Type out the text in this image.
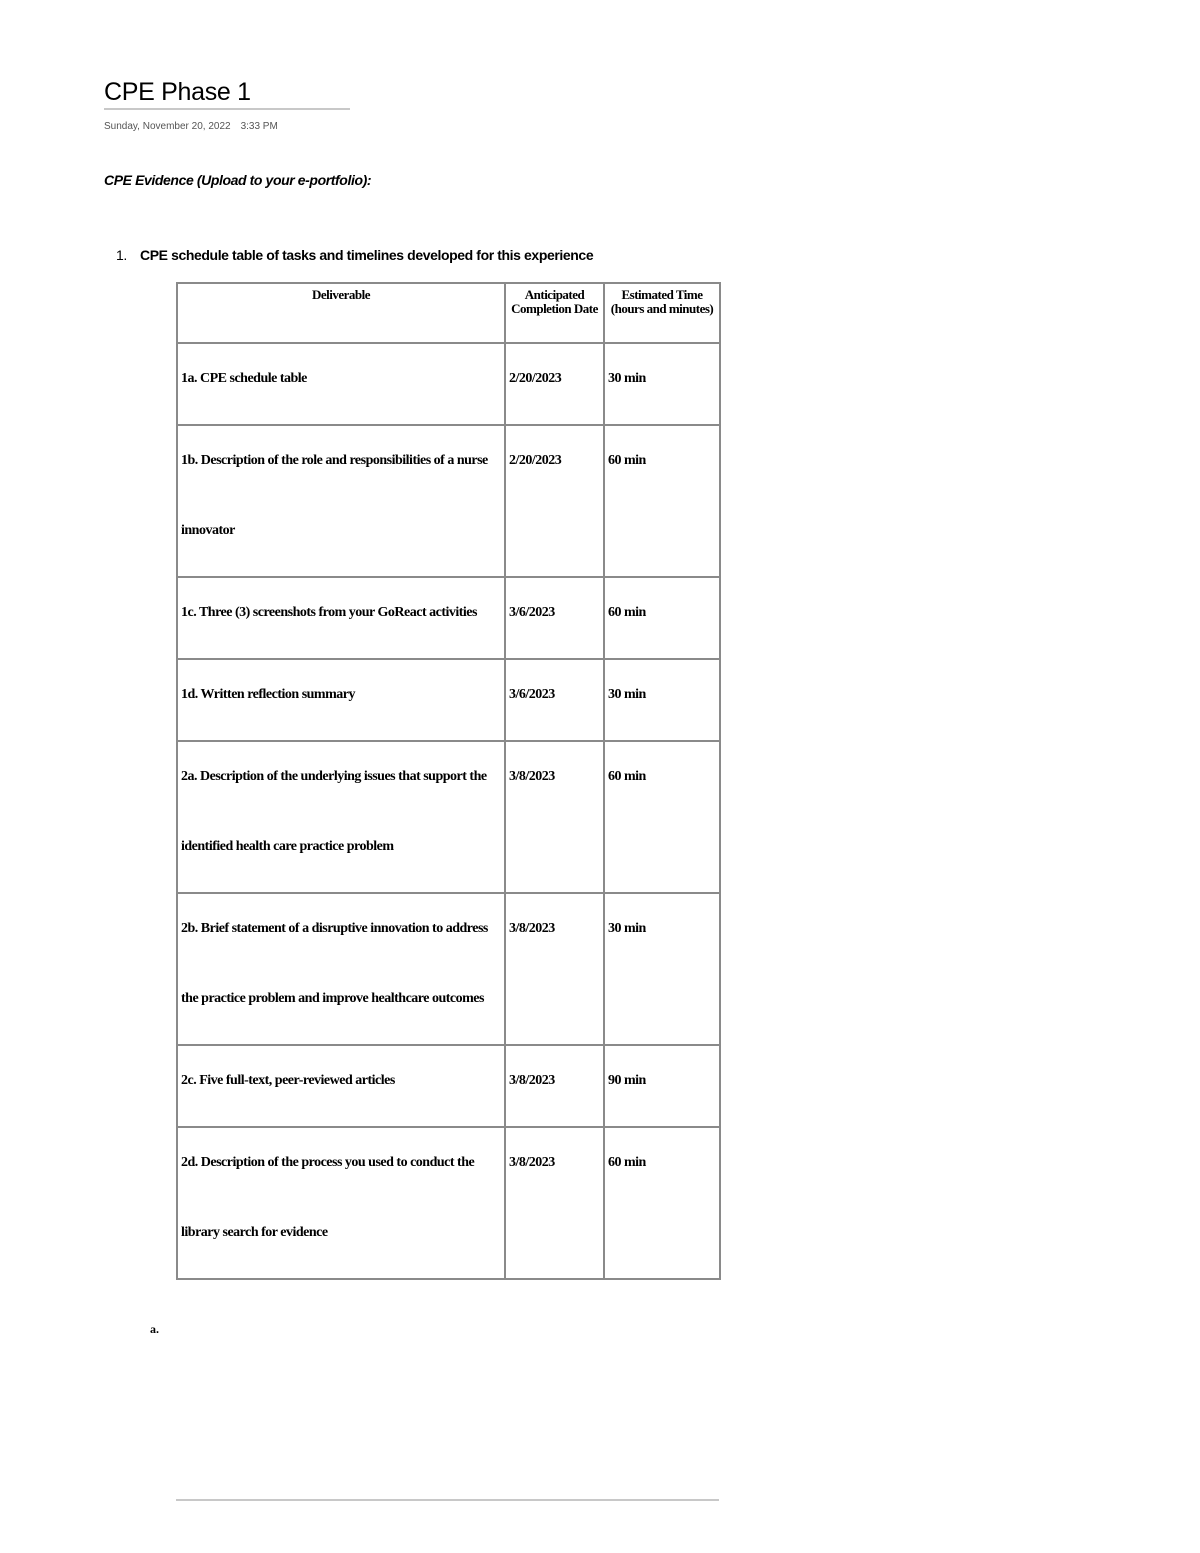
CPE Phase 1
Sunday, November 20, 2022 3:33 PM
CPE Evidence (Upload to your e-portfolio):
1. CPE schedule table of tasks and timelines developed for this experience
Deliverable	Anticipated Completion Date	Estimated Time (hours and minutes)

1a. CPE schedule table	2/20/2023	30 min

1b. Description of the role and responsibilities of a nurse innovator	2/20/2023	60 min

1c. Three (3) screenshots from your GoReact activities	3/6/2023	60 min

1d. Written reflection summary	3/6/2023	30 min

2a. Description of the underlying issues that support the identified health care practice problem	3/8/2023	60 min

2b. Brief statement of a disruptive innovation to address the practice problem and improve healthcare outcomes	3/8/2023	30 min

2c. Five full-text, peer-reviewed articles	3/8/2023	90 min

2d. Description of the process you used to conduct the library search for evidence	3/8/2023	60 min
a.
